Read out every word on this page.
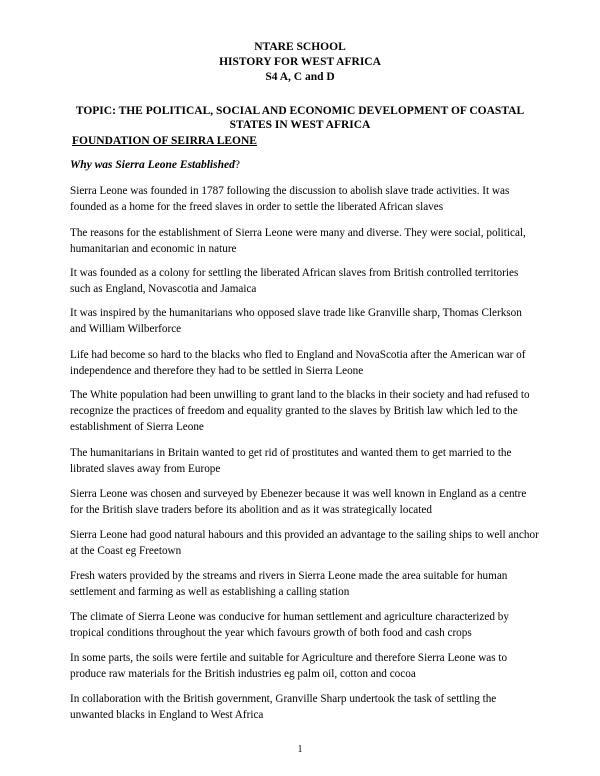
NTARE SCHOOL
HISTORY FOR WEST AFRICA
S4 A, C and D
TOPIC: THE POLITICAL, SOCIAL AND ECONOMIC DEVELOPMENT OF COASTAL STATES IN WEST AFRICA
FOUNDATION OF SEIRRA LEONE
Why was Sierra Leone Established?
Sierra Leone was founded in 1787 following the discussion to abolish slave trade activities. It was founded as a home for the freed slaves in order to settle the liberated African slaves
The reasons for the establishment of Sierra Leone were many and diverse. They were social, political, humanitarian and economic in nature
It was founded as a colony for settling the liberated African slaves from British controlled territories such as England, Novascotia and Jamaica
It was inspired by the humanitarians who opposed slave trade like Granville sharp, Thomas Clerkson and William Wilberforce
Life had become so hard to the blacks who fled to England and NovaScotia after the American war of independence and therefore they had to be settled in Sierra Leone
The White population had been unwilling to grant land to the blacks in their society and had refused to recognize the practices of freedom and equality granted to the slaves by British law which led to the establishment of Sierra Leone
The humanitarians in Britain wanted to get rid of prostitutes and wanted them to get married to the librated slaves away from Europe
Sierra Leone was chosen and surveyed by Ebenezer because it was well known in England as a centre for the British slave traders before its abolition and as it was strategically located
Sierra Leone had good natural habours and this provided an advantage to the sailing ships to well anchor at the Coast eg Freetown
Fresh waters provided by the streams and rivers in Sierra Leone made the area suitable for human settlement and farming as well as establishing a calling station
The climate of Sierra Leone was conducive for human settlement and agriculture characterized by tropical conditions throughout the year which favours growth of both food and cash crops
In some parts, the soils were fertile and suitable for Agriculture and therefore Sierra Leone was to produce raw materials for the British industries eg palm oil, cotton and cocoa
In collaboration with the British government, Granville Sharp undertook the task of settling the unwanted blacks in England to West Africa
1
